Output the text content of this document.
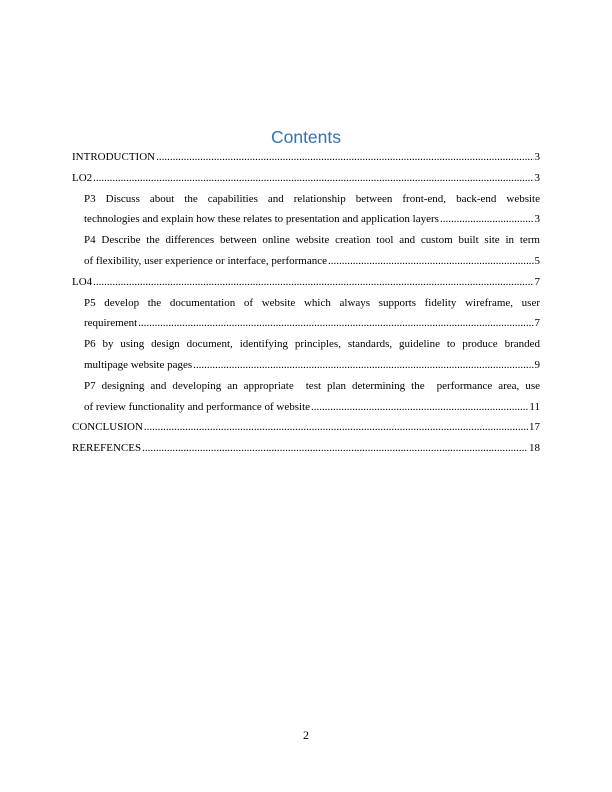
Contents
INTRODUCTION .....	3
LO2 .....	3
P3 Discuss about the capabilities and relationship between front-end, back-end website
technologies and explain how these relates to presentation and application layers .....	3
P4 Describe the differences between online website creation tool and custom built site in term
of flexibility, user experience or interface, performance .....	5
LO4 .....	7
P5 develop the documentation of website which always supports fidelity wireframe, user
requirement .....	7
P6 by using design document, identifying principles, standards, guideline to produce branded
multipage website pages .....	9
P7 designing and developing an appropriate  test plan determining the  performance area, use
of review functionality and performance of website .....	11
CONCLUSION .....	17
REREFENCES .....	18
2
